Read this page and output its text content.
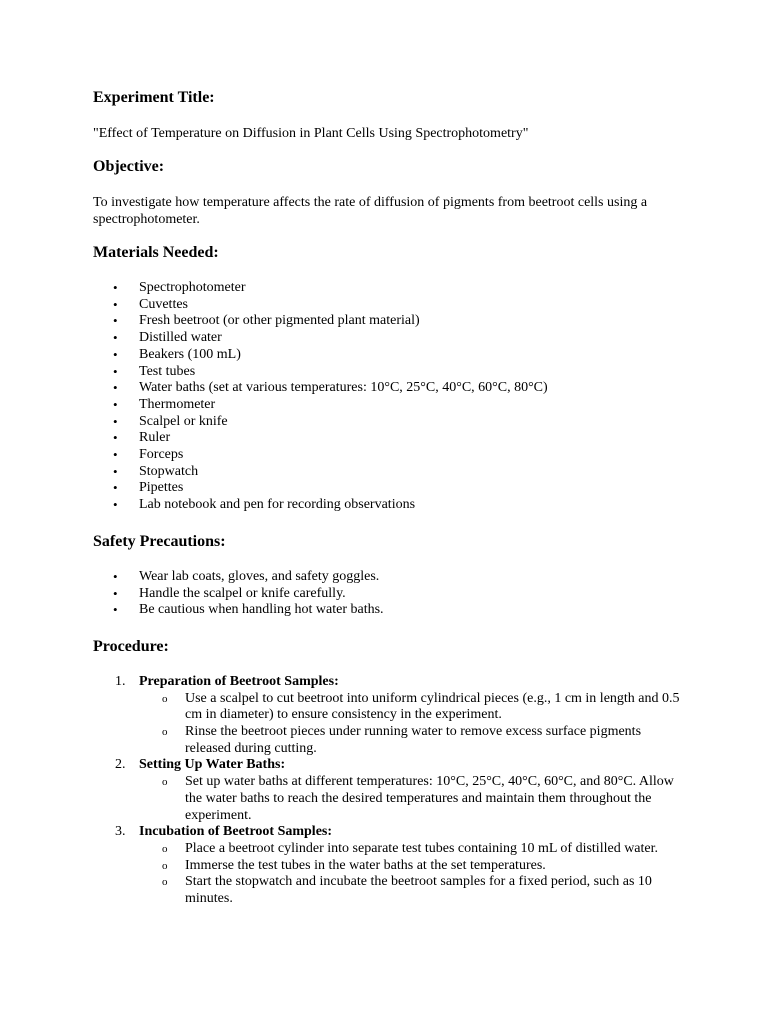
Experiment Title:

"Effect of Temperature on Diffusion in Plant Cells Using Spectrophotometry"

Objective:

To investigate how temperature affects the rate of diffusion of pigments from beetroot cells using a spectrophotometer.

Materials Needed:
• Spectrophotometer
• Cuvettes
• Fresh beetroot (or other pigmented plant material)
• Distilled water
• Beakers (100 mL)
• Test tubes
• Water baths (set at various temperatures: 10°C, 25°C, 40°C, 60°C, 80°C)
• Thermometer
• Scalpel or knife
• Ruler
• Forceps
• Stopwatch
• Pipettes
• Lab notebook and pen for recording observations
Safety Precautions:
• Wear lab coats, gloves, and safety goggles.
• Handle the scalpel or knife carefully.
• Be cautious when handling hot water baths.
Procedure:
1. Preparation of Beetroot Samples:
o Use a scalpel to cut beetroot into uniform cylindrical pieces (e.g., 1 cm in length and 0.5 cm in diameter) to ensure consistency in the experiment.
o Rinse the beetroot pieces under running water to remove excess surface pigments released during cutting.
2. Setting Up Water Baths:
o Set up water baths at different temperatures: 10°C, 25°C, 40°C, 60°C, and 80°C. Allow the water baths to reach the desired temperatures and maintain them throughout the experiment.
3. Incubation of Beetroot Samples:
o Place a beetroot cylinder into separate test tubes containing 10 mL of distilled water.
o Immerse the test tubes in the water baths at the set temperatures.
o Start the stopwatch and incubate the beetroot samples for a fixed period, such as 10 minutes.
